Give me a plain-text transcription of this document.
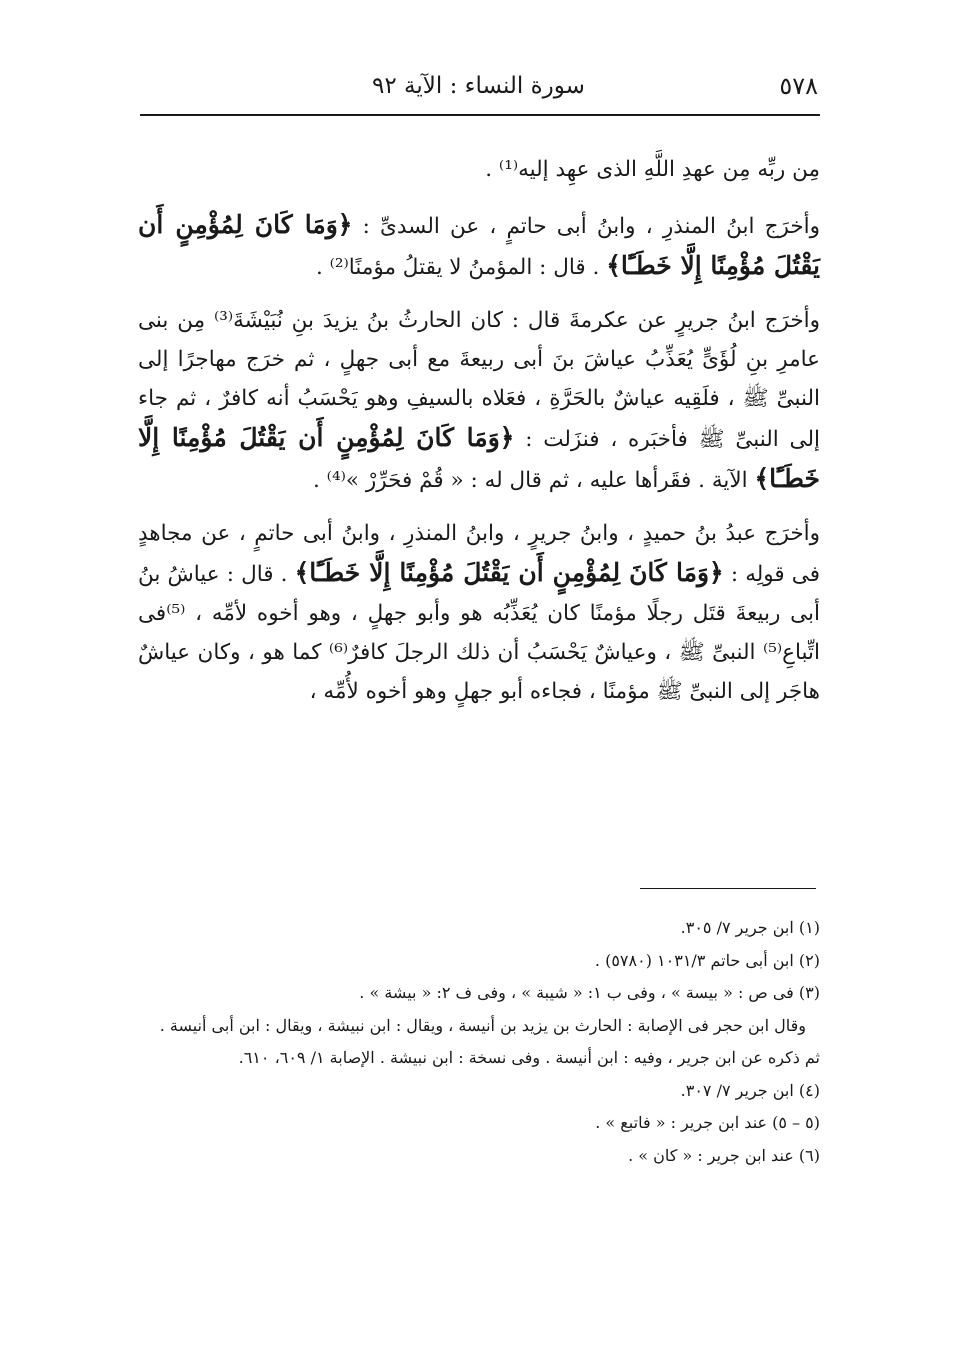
٥٧٨
سورة النساء : الآية ٩٢

مِن ربِّه مِن عهدِ اللَّهِ الذى عهِد إليه⁽¹⁾ .

وأخرَج ابنُ المنذرِ ، وابنُ أبى حاتمٍ ، عن السدىِّ : ﴿وَمَا كَانَ لِمُؤْمِنٍ أَن يَقْتُلَ مُؤْمِنًا إِلَّا خَطَـًٔا﴾ . قال : المؤمنُ لا يقتلُ مؤمنًا⁽²⁾ .

وأخرَج ابنُ جريرٍ عن عكرمةَ قال : كان الحارثُ بنُ يزيدَ بنِ نُبَيْشَةَ⁽³⁾ مِن بنى عامرِ بنِ لُؤَىٍّ يُعَذِّبُ عياشَ بنَ أبى ربيعةَ مع أبى جهلٍ ، ثم خرَج مهاجرًا إلى النبىِّ ﷺ ، فلَقِيه عياشٌ بالحَرَّةِ ، فعَلاه بالسيفِ وهو يَحْسَبُ أنه كافرٌ ، ثم جاء إلى النبىِّ ﷺ فأخبَره ، فنزَلت : ﴿وَمَا كَانَ لِمُؤْمِنٍ أَن يَقْتُلَ مُؤْمِنًا إِلَّا خَطَـًٔا﴾ الآية . فقَرأها عليه ، ثم قال له : « قُمْ فحَرِّرْ »⁽⁴⁾ .

وأخرَج عبدُ بنُ حميدٍ ، وابنُ جريرٍ ، وابنُ المنذرِ ، وابنُ أبى حاتمٍ ، عن مجاهدٍ فى قولِه : ﴿وَمَا كَانَ لِمُؤْمِنٍ أَن يَقْتُلَ مُؤْمِنًا إِلَّا خَطَـًٔا﴾ . قال : عياشُ بنُ أبى ربيعةَ قتَل رجلًا مؤمنًا كان يُعَذِّبُه هو وأبو جهلٍ ، وهو أخوه لأمِّه ، ⁽⁵⁾فى اتِّباعِ⁽⁵⁾ النبىِّ ﷺ ، وعياشٌ يَحْسَبُ أن ذلك الرجلَ كافرٌ⁽⁶⁾ كما هو ، وكان عياشٌ هاجَر إلى النبىِّ ﷺ مؤمنًا ، فجاءه أبو جهلٍ وهو أخوه لأُمِّه ،

(١) ابن جرير ٧/ ٣٠٥.

(٢) ابن أبى حاتم ١٠٣١/٣ (٥٧٨٠) .

(٣) فى ص : « بيسة » ، وفى ب ١: « شيبة » ، وفى ف ٢: « بيشة » .

وقال ابن حجر فى الإصابة : الحارث بن يزيد بن أنيسة ، ويقال : ابن نبيشة ، ويقال : ابن أبى أنيسة .

ثم ذكره عن ابن جرير ، وفيه : ابن أنيسة . وفى نسخة : ابن نبيشة . الإصابة ١/ ٦٠٩، ٦١٠.

(٤) ابن جرير ٧/ ٣٠٧.

(٥ – ٥) عند ابن جرير : « فاتبع » .

(٦) عند ابن جرير : « كان » .
